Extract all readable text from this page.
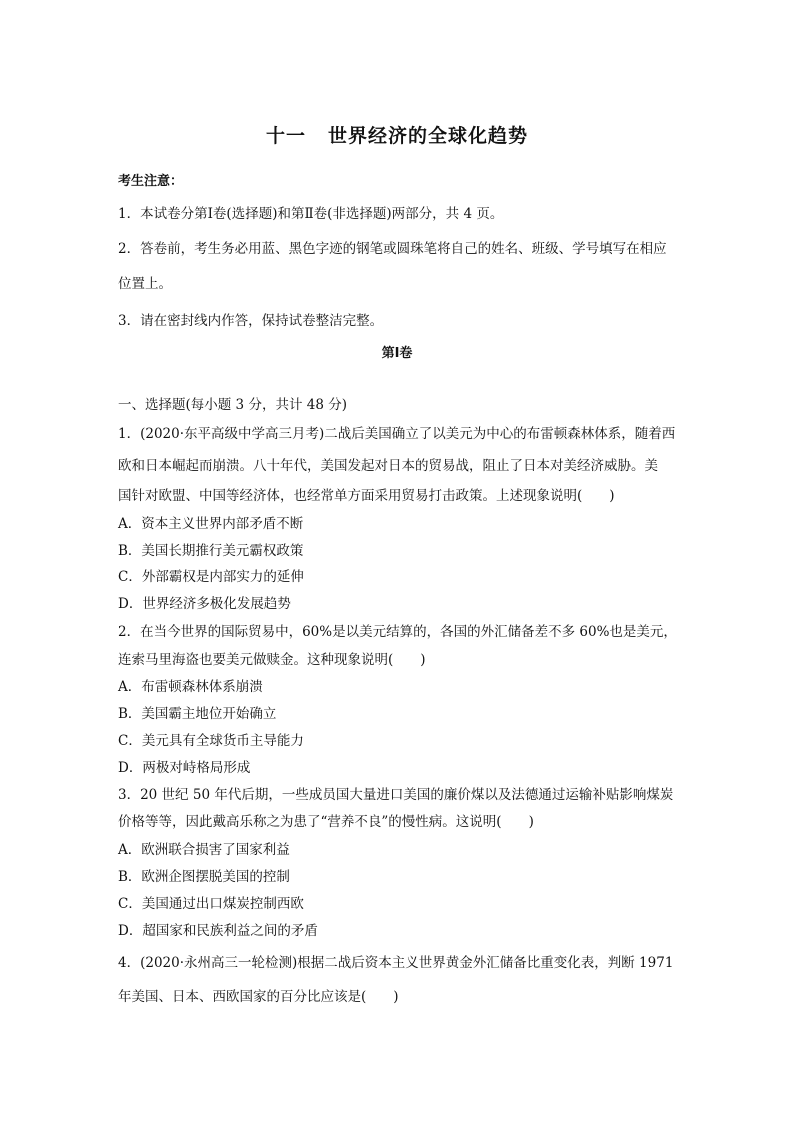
十一 世界经济的全球化趋势
考生注意：
1．本试卷分第Ⅰ卷(选择题)和第Ⅱ卷(非选择题)两部分，共 4 页。
2．答卷前，考生务必用蓝、黑色字迹的钢笔或圆珠笔将自己的姓名、班级、学号填写在相应
位置上。
3．请在密封线内作答，保持试卷整洁完整。
第Ⅰ卷
一、选择题(每小题 3 分，共计 48 分)
1．(2020·东平高级中学高三月考)二战后美国确立了以美元为中心的布雷顿森林体系，随着西
欧和日本崛起而崩溃。八十年代，美国发起对日本的贸易战，阻止了日本对美经济威胁。美
国针对欧盟、中国等经济体，也经常单方面采用贸易打击政策。上述现象说明(　　)
A．资本主义世界内部矛盾不断
B．美国长期推行美元霸权政策
C．外部霸权是内部实力的延伸
D．世界经济多极化发展趋势
2．在当今世界的国际贸易中，60%是以美元结算的，各国的外汇储备差不多 60%也是美元，
连索马里海盗也要美元做赎金。这种现象说明(　　)
A．布雷顿森林体系崩溃
B．美国霸主地位开始确立
C．美元具有全球货币主导能力
D．两极对峙格局形成
3．20 世纪 50 年代后期，一些成员国大量进口美国的廉价煤以及法德通过运输补贴影响煤炭
价格等等，因此戴高乐称之为患了“营养不良”的慢性病。这说明(　　)
A．欧洲联合损害了国家利益
B．欧洲企图摆脱美国的控制
C．美国通过出口煤炭控制西欧
D．超国家和民族利益之间的矛盾
4．(2020·永州高三一轮检测)根据二战后资本主义世界黄金外汇储备比重变化表，判断 1971
年美国、日本、西欧国家的百分比应该是(　　)
